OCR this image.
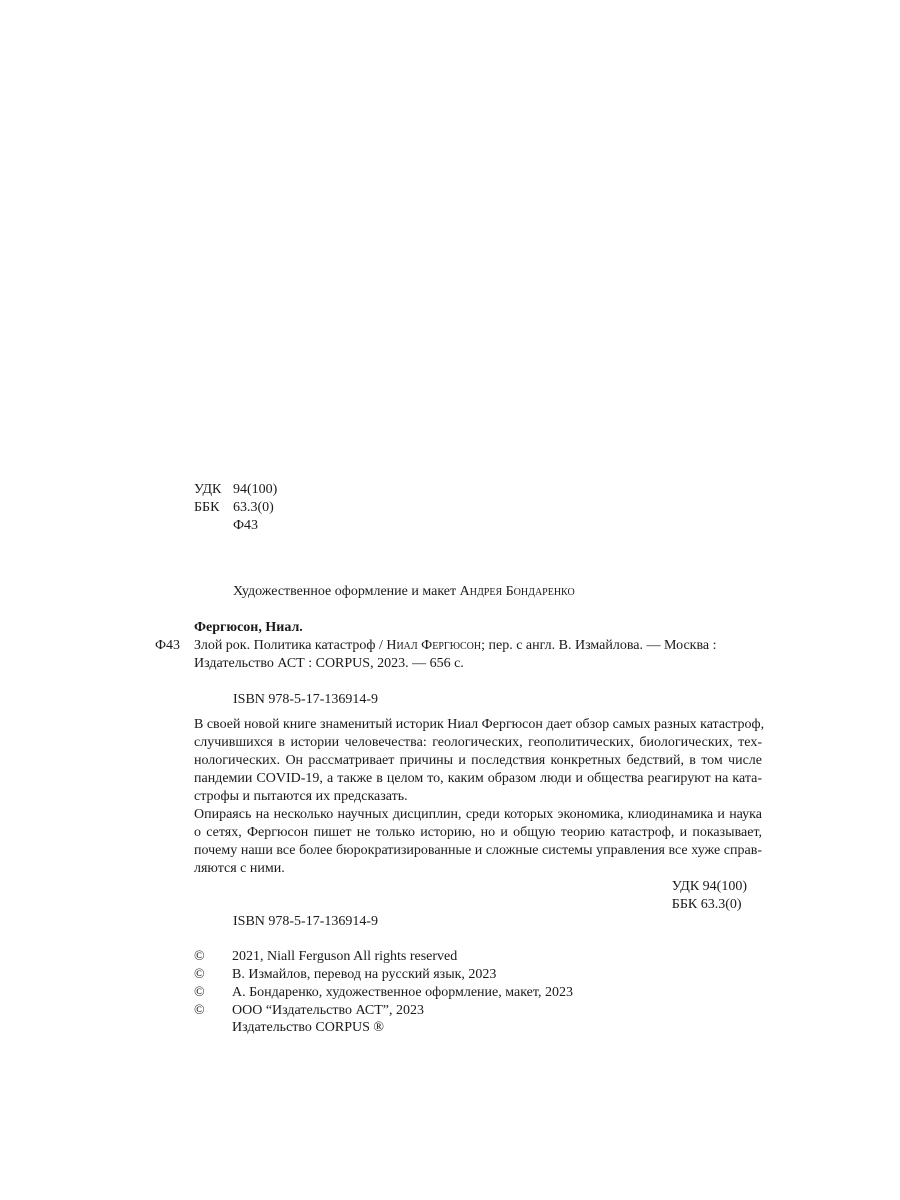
УДК 94(100)
ББК 63.3(0)
Ф43
Художественное оформление и макет Андрея Бондаренко
Фергюсон, Ниал.
Ф43 Злой рок. Политика катастроф / Ниал Фергюсон; пер. с англ. В. Измайлова. — Москва :
Издательство АСТ : CORPUS, 2023. — 656 с.
ISBN 978-5-17-136914-9
В своей новой книге знаменитый историк Ниал Фергюсон дает обзор самых разных катастроф,
случившихся в истории человечества: геологических, геополитических, биологических, тех-
нологических. Он рассматривает причины и последствия конкретных бедствий, в том числе
пандемии COVID-19, а также в целом то, каким образом люди и общества реагируют на ката-
строфы и пытаются их предсказать.
Опираясь на несколько научных дисциплин, среди которых экономика, клиодинамика и наука
о сетях, Фергюсон пишет не только историю, но и общую теорию катастроф, и показывает,
почему наши все более бюрократизированные и сложные системы управления все хуже справ-
ляются с ними.
УДК 94(100)
ББК 63.3(0)
ISBN 978-5-17-136914-9
© 2021, Niall Ferguson All rights reserved
© В. Измайлов, перевод на русский язык, 2023
© А. Бондаренко, художественное оформление, макет, 2023
© ООО “Издательство АСТ”, 2023
Издательство CORPUS ®
